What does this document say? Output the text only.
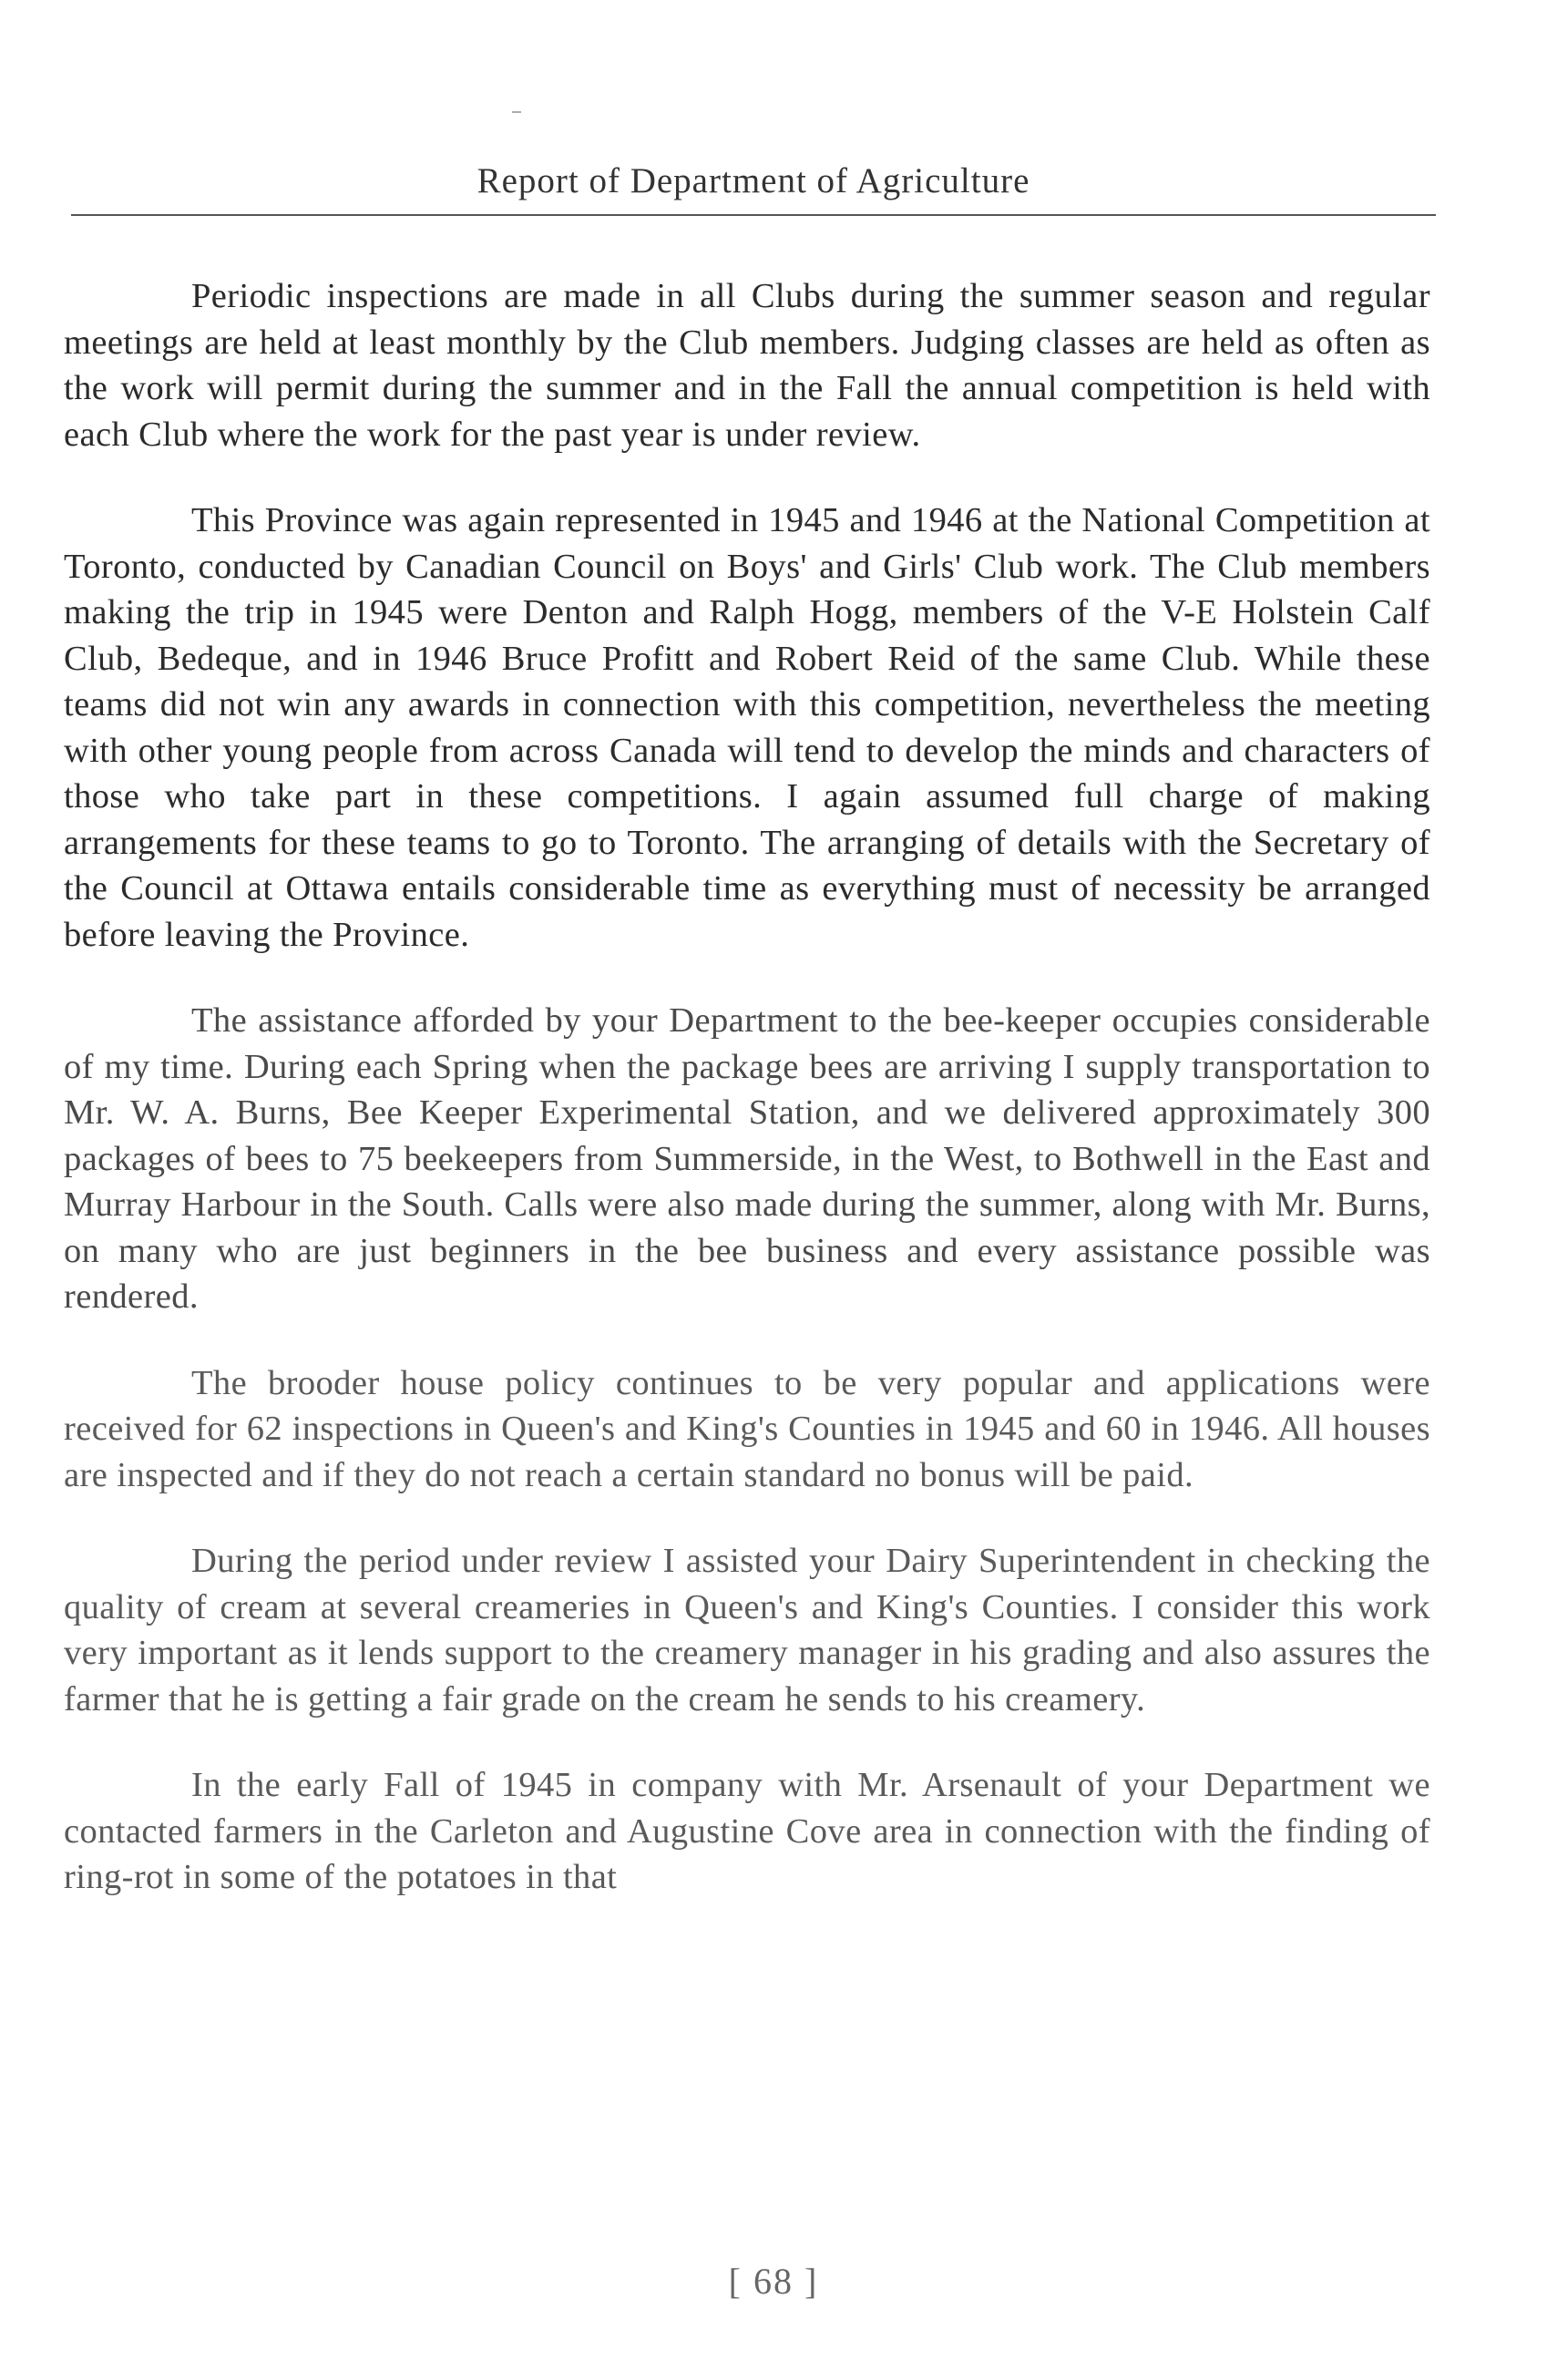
Report of Department of Agriculture

Periodic inspections are made in all Clubs during the summer season and regular meetings are held at least monthly by the Club members. Judging classes are held as often as the work will permit during the summer and in the Fall the annual competition is held with each Club where the work for the past year is under review.

This Province was again represented in 1945 and 1946 at the National Competition at Toronto, conducted by Canadian Council on Boys' and Girls' Club work. The Club members making the trip in 1945 were Denton and Ralph Hogg, members of the V-E Holstein Calf Club, Bedeque, and in 1946 Bruce Profitt and Robert Reid of the same Club. While these teams did not win any awards in connection with this competition, nevertheless the meeting with other young people from across Canada will tend to develop the minds and characters of those who take part in these competitions. I again assumed full charge of making arrangements for these teams to go to Toronto. The arranging of details with the Secretary of the Council at Ottawa entails considerable time as everything must of necessity be arranged before leaving the Province.

The assistance afforded by your Department to the bee-keeper occupies considerable of my time. During each Spring when the package bees are arriving I supply transportation to Mr. W. A. Burns, Bee Keeper Experimental Station, and we delivered approximately 300 packages of bees to 75 beekeepers from Summerside, in the West, to Bothwell in the East and Murray Harbour in the South. Calls were also made during the summer, along with Mr. Burns, on many who are just beginners in the bee business and every assistance possible was rendered.

The brooder house policy continues to be very popular and applications were received for 62 inspections in Queen's and King's Counties in 1945 and 60 in 1946. All houses are inspected and if they do not reach a certain standard no bonus will be paid.

During the period under review I assisted your Dairy Superintendent in checking the quality of cream at several creameries in Queen's and King's Counties. I consider this work very important as it lends support to the creamery manager in his grading and also assures the farmer that he is getting a fair grade on the cream he sends to his creamery.

In the early Fall of 1945 in company with Mr. Arsenault of your Department we contacted farmers in the Carleton and Augustine Cove area in connection with the finding of ring-rot in some of the potatoes in that

[ 68 ]
